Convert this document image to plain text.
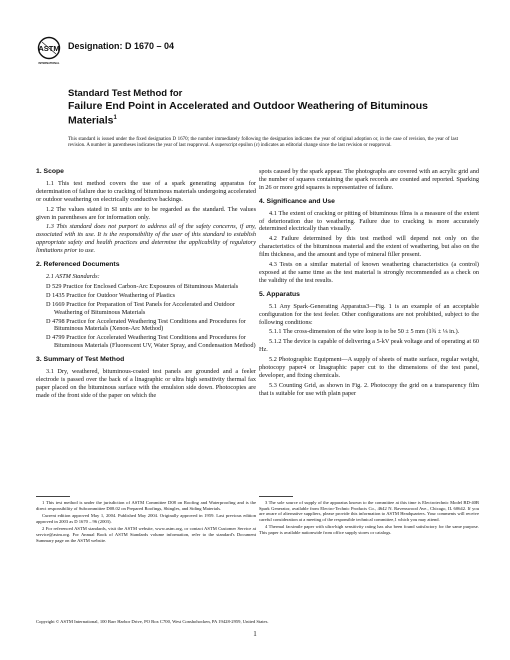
ASTM
INTERNATIONAL
Designation: D 1670 – 04
Standard Test Method for
Failure End Point in Accelerated and Outdoor Weathering of Bituminous Materials$^1$
This standard is issued under the fixed designation D 1670; the number immediately following the designation indicates the year of original adoption or, in the case of revision, the year of last revision. A number in parentheses indicates the year of last reapproval. A superscript epsilon (ε) indicates an editorial change since the last revision or reapproval.
1. Scope

1.1 This test method covers the use of a spark generating apparatus for determination of failure due to cracking of bituminous materials undergoing accelerated or outdoor weathering on electrically conductive backings.

1.2 The values stated in SI units are to be regarded as the standard. The values given in parentheses are for information only.

1.3 This standard does not purport to address all of the safety concerns, if any, associated with its use. It is the responsibility of the user of this standard to establish appropriate safety and health practices and determine the applicability of regulatory limitations prior to use.

2. Referenced Documents

2.1 ASTM Standards:

D 529 Practice for Enclosed Carbon-Arc Exposures of Bituminous Materials

D 1435 Practice for Outdoor Weathering of Plastics

D 1669 Practice for Preparation of Test Panels for Accelerated and Outdoor Weathering of Bituminous Materials

D 4798 Practice for Accelerated Weathering Test Conditions and Procedures for Bituminous Materials (Xenon-Arc Method)

D 4799 Practice for Accelerated Weathering Test Conditions and Procedures for Bituminous Materials (Fluorescent UV, Water Spray, and Condensation Method)

3. Summary of Test Method

3.1 Dry, weathered, bituminous-coated test panels are grounded and a feeler electrode is passed over the back of a linagraphic or ultra high sensitivity thermal fax paper placed on the bituminous surface with the emulsion side down. Photocopies are made of the front side of the paper on which the

spots caused by the spark appear. The photographs are covered with an acrylic grid and the number of squares containing the spark records are counted and reported. Sparking in 26 or more grid squares is representative of failure.

4. Significance and Use

4.1 The extent of cracking or pitting of bituminous films is a measure of the extent of deterioration due to weathering. Failure due to cracking is more accurately determined electrically than visually.

4.2 Failure determined by this test method will depend not only on the characteristics of the bituminous material and the extent of weathering, but also on the film thickness, and the amount and type of mineral filler present.

4.3 Tests on a similar material of known weathering characteristics (a control) exposed at the same time as the test material is strongly recommended as a check on the validity of the test results.

5. Apparatus

5.1 Any Spark-Generating Apparatus3—Fig. 1 is an example of an acceptable configuration for the test feeler. Other configurations are not prohibited, subject to the following conditions:

5.1.1 The cross-dimension of the wire loop is to be 50 ± 5 mm (1¾ ± ⅛ in.).

5.1.2 The device is capable of delivering a 5-kV peak voltage and of operating at 60 Hz.

5.2 Photographic Equipment—A supply of sheets of matte surface, regular weight, photocopy paper4 or linagraphic paper cut to the dimensions of the test panel, developer, and fixing chemicals.

5.3 Counting Grid, as shown in Fig. 2. Photocopy the grid on a transparency film that is suitable for use with plain paper

1 This test method is under the jurisdiction of ASTM Committee D08 on Roofing and Waterproofing and is the direct responsibility of Subcommittee D08.02 on Prepared Roofings, Shingles, and Siding Materials.

Current edition approved May 1, 2004. Published May 2004. Originally approved in 1959. Last previous edition approved in 2003 as D 1670 – 96 (2003).

2 For referenced ASTM standards, visit the ASTM website, www.astm.org, or contact ASTM Customer Service at service@astm.org. For Annual Book of ASTM Standards volume information, refer to the standard's Document Summary page on the ASTM website.

3 The sole source of supply of the apparatus known to the committee at this time is Electrotechnic Model BD-40B Spark Generator, available from Electro-Technic Products Co., 4642 N. Ravenswood Ave., Chicago, IL 60642. If you are aware of alternative suppliers, please provide this information to ASTM Headquarters. Your comments will receive careful consideration at a meeting of the responsible technical committee,1 which you may attend.

4 Thermal facsimile paper with ultra-high sensitivity rating has also been found satisfactory for the same purpose. This paper is available nationwide from office supply stores or catalogs.

Copyright © ASTM International, 100 Barr Harbor Drive, PO Box C700, West Conshohocken, PA 19428-2959, United States.
1
